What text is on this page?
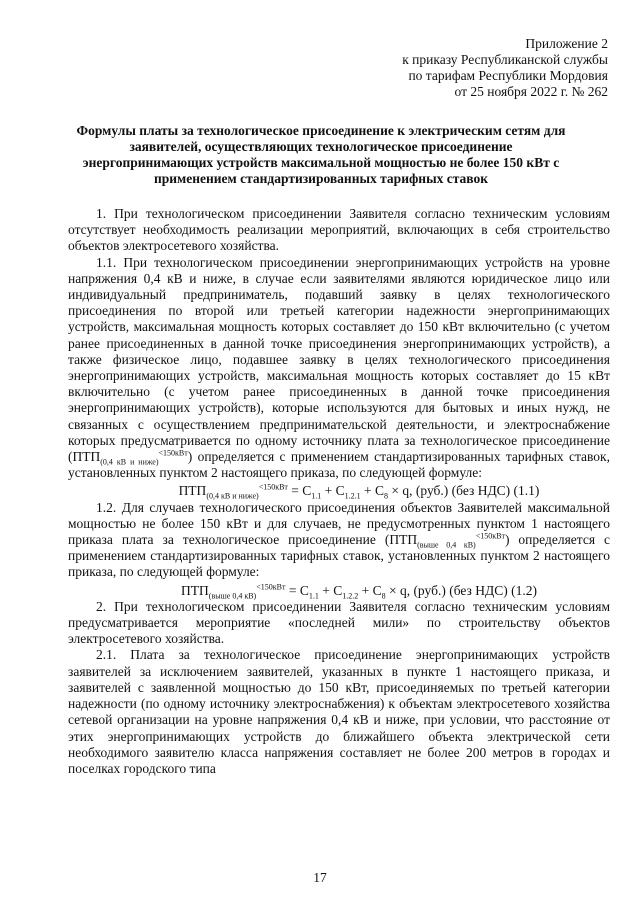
Приложение 2
к приказу Республиканской службы
по тарифам Республики Мордовия
от 25 ноября 2022 г. № 262
Формулы платы за технологическое присоединение к электрическим сетям для заявителей, осуществляющих технологическое присоединение энергопринимающих устройств максимальной мощностью не более 150 кВт с применением стандартизированных тарифных ставок

1. При технологическом присоединении Заявителя согласно техническим условиям отсутствует необходимость реализации мероприятий, включающих в себя строительство объектов электросетевого хозяйства.

1.1. При технологическом присоединении энергопринимающих устройств на уровне напряжения 0,4 кВ и ниже, в случае если заявителями являются юридическое лицо или индивидуальный предприниматель, подавший заявку в целях технологического присоединения по второй или третьей категории надежности энергопринимающих устройств, максимальная мощность которых составляет до 150 кВт включительно (с учетом ранее присоединенных в данной точке присоединения энергопринимающих устройств), а также физическое лицо, подавшее заявку в целях технологического присоединения энергопринимающих устройств, максимальная мощность которых составляет до 15 кВт включительно (с учетом ранее присоединенных в данной точке присоединения энергопринимающих устройств), которые используются для бытовых и иных нужд, не связанных с осуществлением предпринимательской деятельности, и электроснабжение которых предусматривается по одному источнику плата за технологическое присоединение $(ПТП_{(0,4 кВ и ниже)}^{<150кВт})$ определяется с применением стандартизированных тарифных ставок, установленных пунктом 2 настоящего приказа, по следующей формуле:

$ПТП_{(0,4 кВ и ниже)}^{<150кВт} = С_{1.1} + С_{1.2.1} + С_8 \times q$, (руб.) (без НДС) (1.1)

1.2. Для случаев технологического присоединения объектов Заявителей максимальной мощностью не более 150 кВт и для случаев, не предусмотренных пунктом 1 настоящего приказа плата за технологическое присоединение $(ПТП_{(выше 0,4 кВ)}^{<150кВт})$ определяется с применением стандартизированных тарифных ставок, установленных пунктом 2 настоящего приказа, по следующей формуле:

$ПТП_{(выше 0,4 кВ)}^{<150кВт} = С_{1.1} + С_{1.2.2} + С_8 \times q$, (руб.) (без НДС) (1.2)

2. При технологическом присоединении Заявителя согласно техническим условиям предусматривается мероприятие «последней мили» по строительству объектов электросетевого хозяйства.

2.1. Плата за технологическое присоединение энергопринимающих устройств заявителей за исключением заявителей, указанных в пункте 1 настоящего приказа, и заявителей с заявленной мощностью до 150 кВт, присоединяемых по третьей категории надежности (по одному источнику электроснабжения) к объектам электросетевого хозяйства сетевой организации на уровне напряжения 0,4 кВ и ниже, при условии, что расстояние от этих энергопринимающих устройств до ближайшего объекта электрической сети необходимого заявителю класса напряжения составляет не более 200 метров в городах и поселках городского типа

17
